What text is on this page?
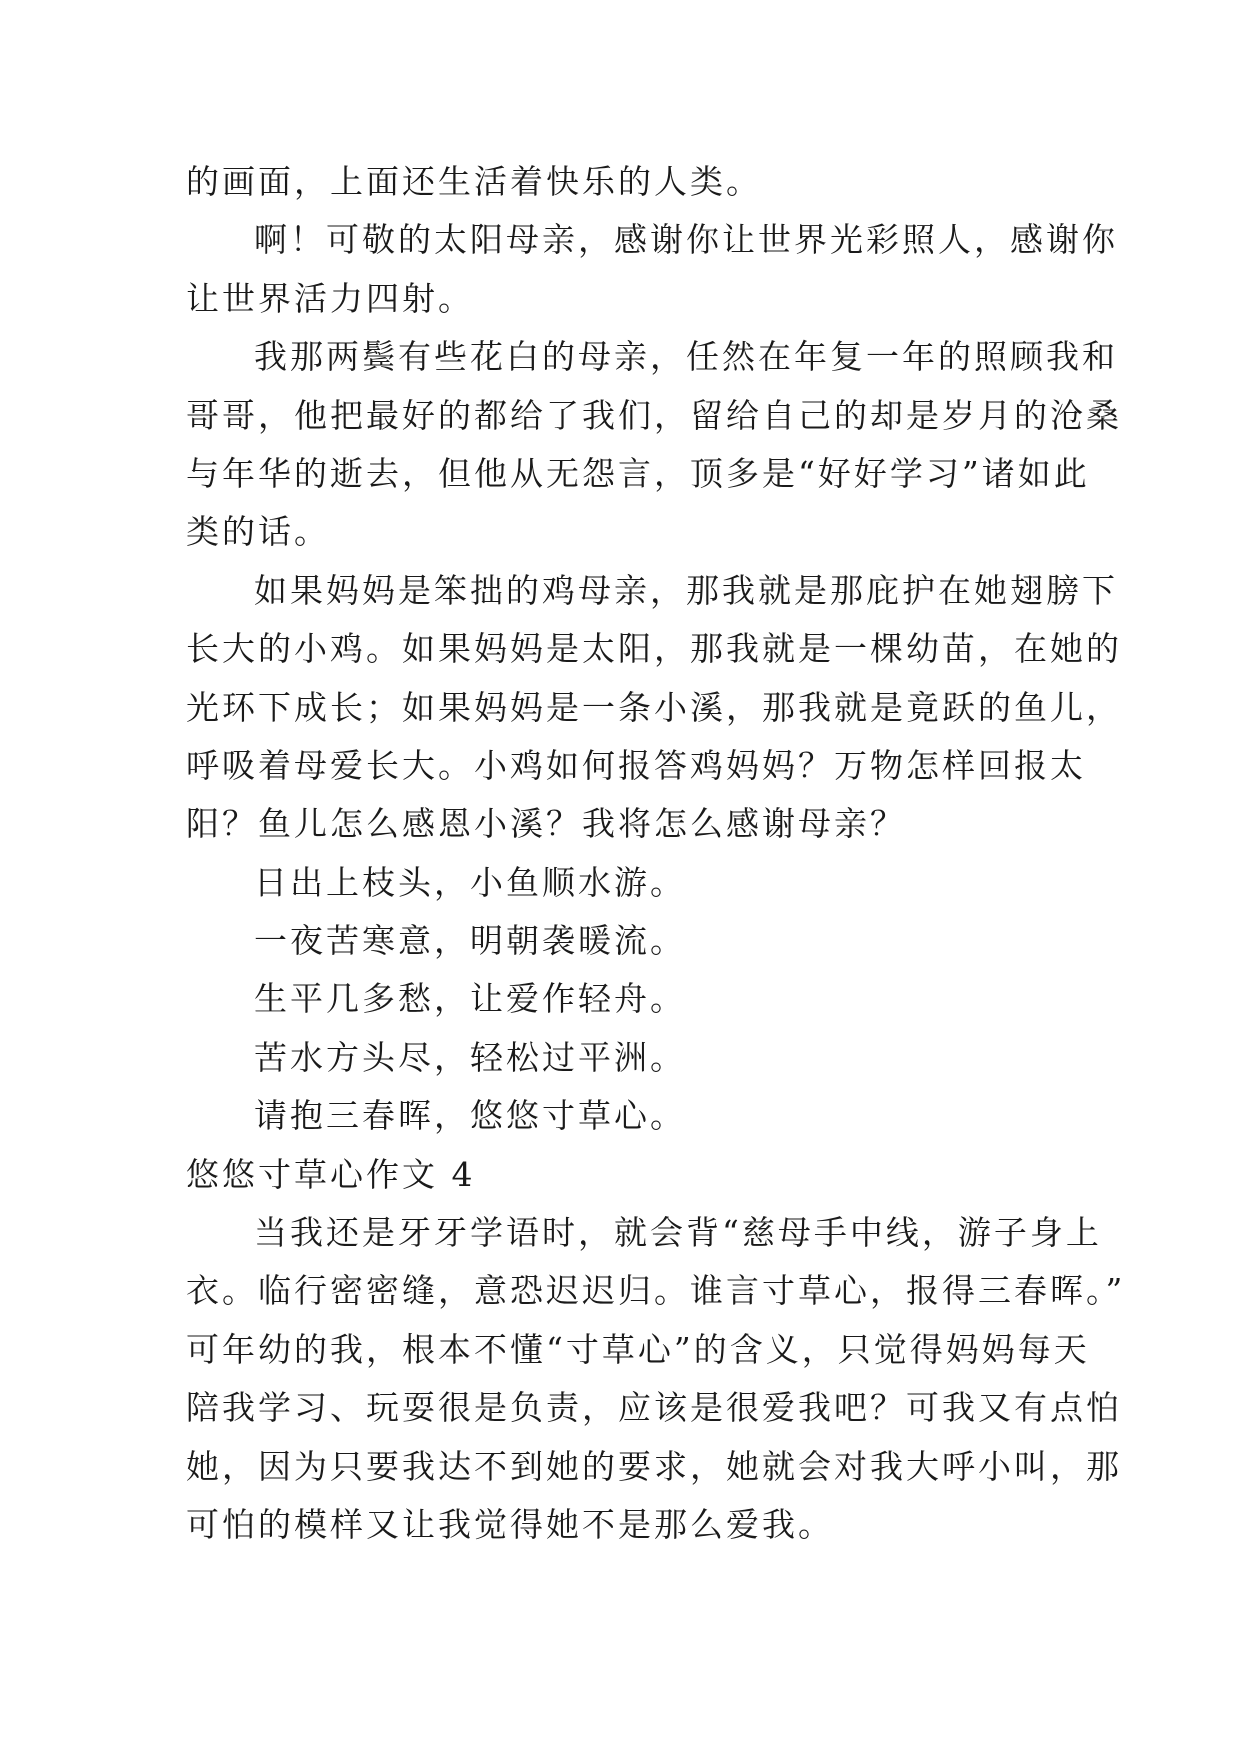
的画面，上面还生活着快乐的人类。
啊！可敬的太阳母亲，感谢你让世界光彩照人，感谢你
让世界活力四射。
我那两鬓有些花白的母亲，任然在年复一年的照顾我和
哥哥，他把最好的都给了我们，留给自己的却是岁月的沧桑
与年华的逝去，但他从无怨言，顶多是“好好学习”诸如此
类的话。
如果妈妈是笨拙的鸡母亲，那我就是那庇护在她翅膀下
长大的小鸡。如果妈妈是太阳，那我就是一棵幼苗，在她的
光环下成长；如果妈妈是一条小溪，那我就是竟跃的鱼儿，
呼吸着母爱长大。小鸡如何报答鸡妈妈？万物怎样回报太
阳？鱼儿怎么感恩小溪？我将怎么感谢母亲？
日出上枝头，小鱼顺水游。
一夜苦寒意，明朝袭暖流。
生平几多愁，让爱作轻舟。
苦水方头尽，轻松过平洲。
请抱三春晖，悠悠寸草心。
悠悠寸草心作文 4
当我还是牙牙学语时，就会背“慈母手中线，游子身上
衣。临行密密缝，意恐迟迟归。谁言寸草心，报得三春晖。”
可年幼的我，根本不懂“寸草心”的含义，只觉得妈妈每天
陪我学习、玩耍很是负责，应该是很爱我吧？可我又有点怕
她，因为只要我达不到她的要求，她就会对我大呼小叫，那
可怕的模样又让我觉得她不是那么爱我。
